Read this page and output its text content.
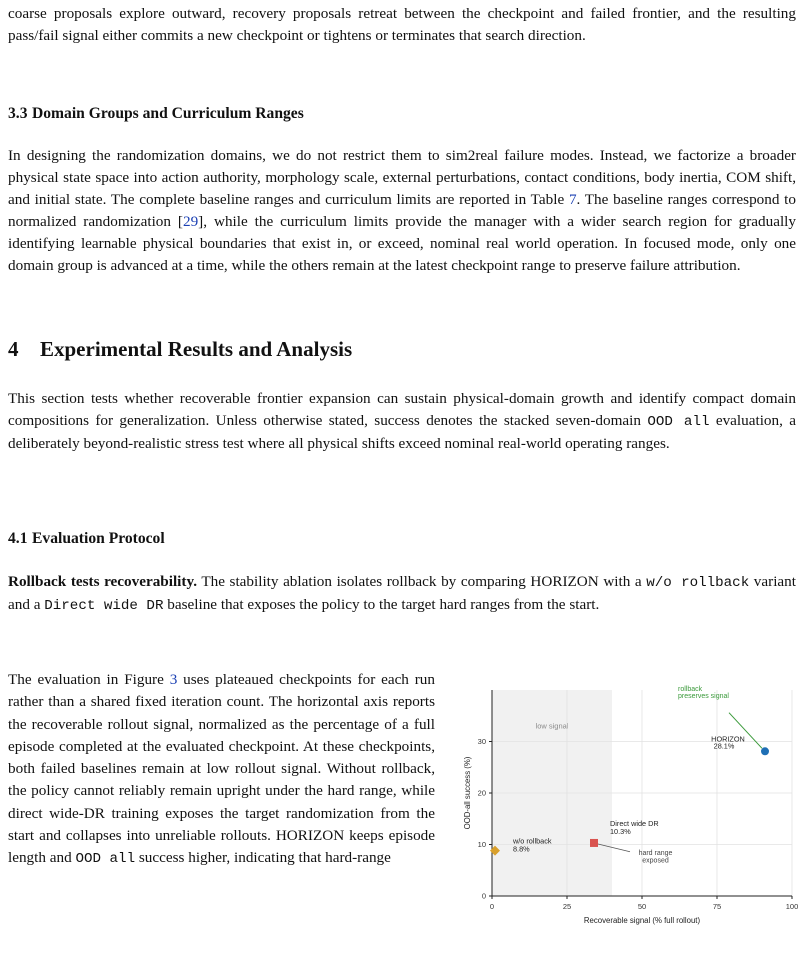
coarse proposals explore outward, recovery proposals retreat between the checkpoint and failed frontier, and the resulting pass/fail signal either commits a new checkpoint or tightens or terminates that search direction.

3.3 Domain Groups and Curriculum Ranges

In designing the randomization domains, we do not restrict them to sim2real failure modes. Instead, we factorize a broader physical state space into action authority, morphology scale, external perturbations, contact conditions, body inertia, COM shift, and initial state. The complete baseline ranges and curriculum limits are reported in Table 7. The baseline ranges correspond to normalized randomization [29], while the curriculum limits provide the manager with a wider search region for gradually identifying learnable physical boundaries that exist in, or exceed, nominal real world operation. In focused mode, only one domain group is advanced at a time, while the others remain at the latest checkpoint range to preserve failure attribution.

4 Experimental Results and Analysis

This section tests whether recoverable frontier expansion can sustain physical-domain growth and identify compact domain compositions for generalization. Unless otherwise stated, success denotes the stacked seven-domain OOD all evaluation, a deliberately beyond-realistic stress test where all physical shifts exceed nominal real-world operating ranges.

4.1 Evaluation Protocol

Rollback tests recoverability. The stability ablation isolates rollback by comparing HORIZON with a w/o rollback variant and a Direct wide DR baseline that exposes the policy to the target hard ranges from the start.

The evaluation in Figure 3 uses plateaued checkpoints for each run rather than a shared fixed iteration count. The horizontal axis reports the recoverable rollout signal, normalized as the percentage of a full episode completed at the evaluated checkpoint. At these checkpoints, both failed baselines remain at low rollout signal. Without rollback, the policy cannot reliably remain upright under the hard range, while direct wide-DR training exposes the target randomization from the start and collapses into unreliable rollouts. HORIZON keeps episode length and OOD all success higher, indicating that hard-range

low signal
0	25	50	75	100
0
10
20
30
Recoverable signal (% full rollout)
OOD-all success (%)
HORIZON
28.1%
Direct wide DR
10.3%
w/o rollback
8.8%
rollback
preserves signal
hard range
exposed
